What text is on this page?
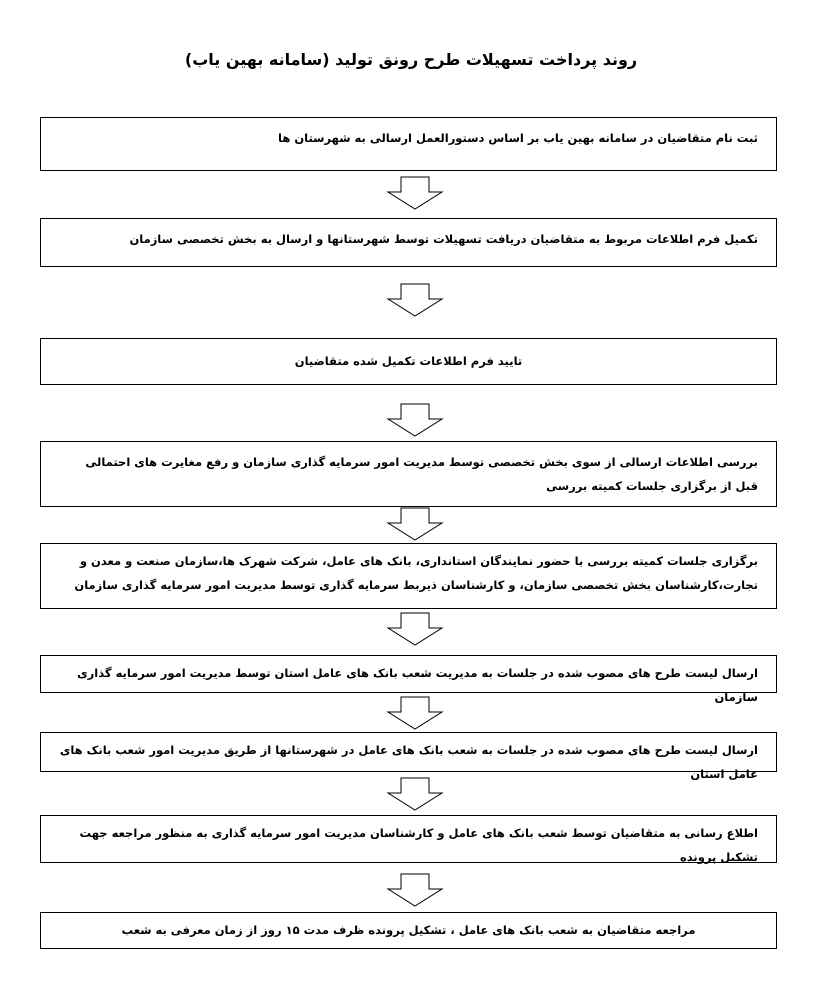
روند پرداخت تسهیلات طرح رونق تولید (سامانه بهین یاب)
ثبت نام متقاضیان در سامانه بهین یاب بر اساس دستورالعمل ارسالی به شهرستان ها
تکمیل فرم اطلاعات مربوط به متقاضیان دریافت تسهیلات توسط شهرستانها و ارسال به بخش تخصصی سازمان
تایید فرم اطلاعات تکمیل شده متقاضیان
بررسی اطلاعات ارسالی از سوی بخش تخصصی توسط مدیریت امور سرمایه گذاری سازمان و رفع مغایرت های احتمالی قبل از برگزاری جلسات کمیته بررسی
برگزاری جلسات کمیته بررسی با حضور نمایندگان استانداری، بانک های عامل، شرکت شهرک ها،سازمان صنعت و معدن و تجارت،کارشناسان بخش تخصصی سازمان، و کارشناسان ذیربط سرمایه گذاری توسط مدیریت امور سرمایه گذاری سازمان
ارسال لیست طرح های مصوب شده در جلسات به مدیریت شعب بانک های عامل استان توسط مدیریت امور سرمایه گذاری سازمان
ارسال لیست طرح های مصوب شده در جلسات به شعب بانک های عامل در شهرستانها از طریق مدیریت امور شعب بانک های عامل استان
اطلاع رسانی به متقاضیان توسط شعب بانک های عامل و کارشناسان مدیریت امور سرمایه گذاری به منظور مراجعه جهت تشکیل پرونده
مراجعه متقاضیان به شعب بانک های عامل ، تشکیل پرونده ظرف مدت ۱۵ روز از زمان معرفی به شعب
